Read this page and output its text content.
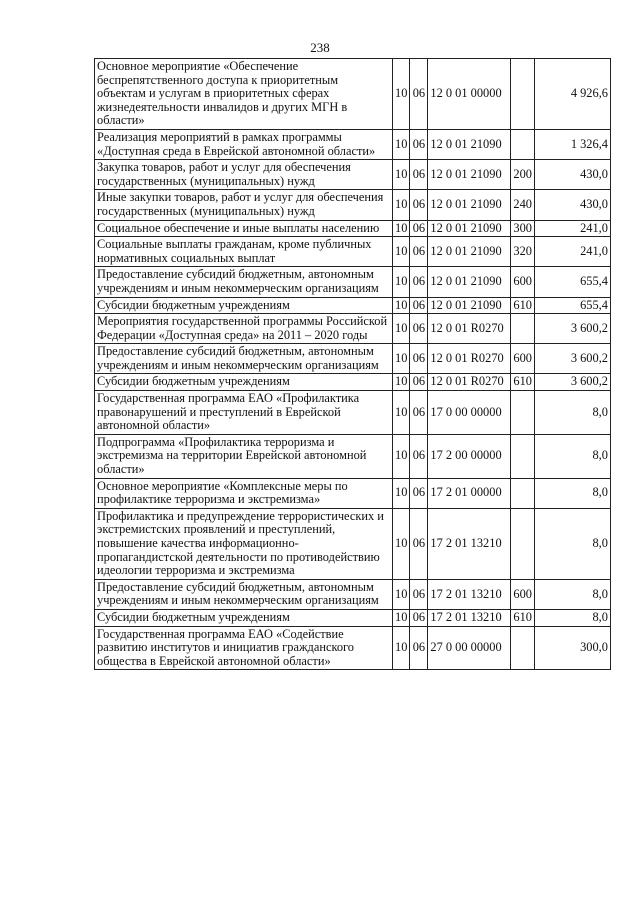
238
Основное мероприятие «Обеспечение беспрепятственного доступа к приоритетным объектам и услугам в приоритетных сферах жизнедеятельности инвалидов и других МГН в области»	10	06	12 0 01 00000		4 926,6
Реализация мероприятий в рамках программы «Доступная среда в Еврейской автономной области»	10	06	12 0 01 21090		1 326,4
Закупка товаров, работ и услуг для обеспечения государственных (муниципальных) нужд	10	06	12 0 01 21090	200	430,0
Иные закупки товаров, работ и услуг для обеспечения государственных (муниципальных) нужд	10	06	12 0 01 21090	240	430,0
Социальное обеспечение и иные выплаты населению	10	06	12 0 01 21090	300	241,0
Социальные выплаты гражданам, кроме публичных нормативных социальных выплат	10	06	12 0 01 21090	320	241,0
Предоставление субсидий бюджетным, автономным учреждениям и иным некоммерческим организациям	10	06	12 0 01 21090	600	655,4
Субсидии бюджетным учреждениям	10	06	12 0 01 21090	610	655,4
Мероприятия государственной программы Российской Федерации «Доступная среда» на 2011 – 2020 годы	10	06	12 0 01 R0270		3 600,2
Предоставление субсидий бюджетным, автономным учреждениям и иным некоммерческим организациям	10	06	12 0 01 R0270	600	3 600,2
Субсидии бюджетным учреждениям	10	06	12 0 01 R0270	610	3 600,2
Государственная программа ЕАО «Профилактика правонарушений и преступлений в Еврейской автономной области»	10	06	17 0 00 00000		8,0
Подпрограмма «Профилактика терроризма и экстремизма на территории Еврейской автономной области»	10	06	17 2 00 00000		8,0
Основное мероприятие «Комплексные меры по профилактике терроризма и экстремизма»	10	06	17 2 01 00000		8,0
Профилактика и предупреждение террористических и экстремистских проявлений и преступлений, повышение качества информационно-пропагандистской деятельности по противодействию идеологии терроризма и экстремизма	10	06	17 2 01 13210		8,0
Предоставление субсидий бюджетным, автономным учреждениям и иным некоммерческим организациям	10	06	17 2 01 13210	600	8,0
Субсидии бюджетным учреждениям	10	06	17 2 01 13210	610	8,0
Государственная программа ЕАО «Содействие развитию институтов и инициатив гражданского общества в Еврейской автономной области»	10	06	27 0 00 00000		300,0
